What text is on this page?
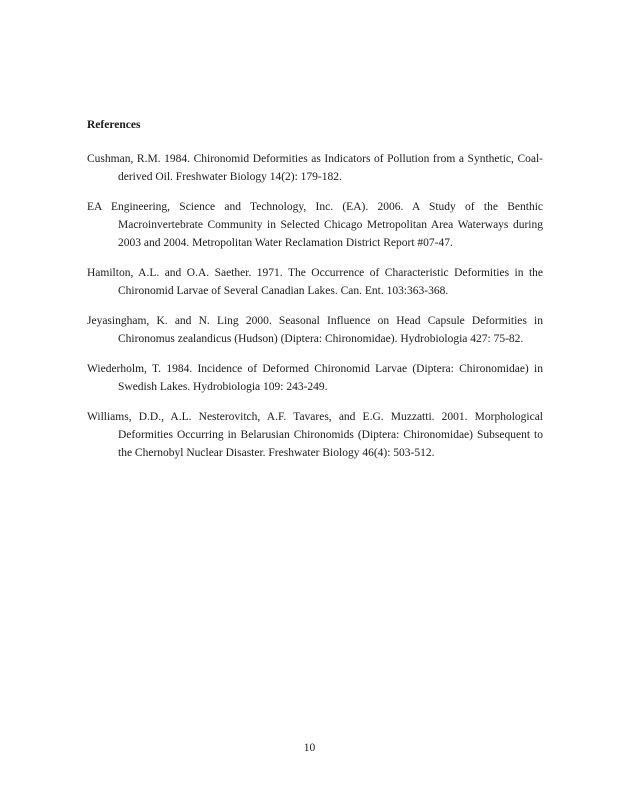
References
Cushman, R.M. 1984. Chironomid Deformities as Indicators of Pollution from a Synthetic, Coal-derived Oil. Freshwater Biology 14(2): 179-182.
EA Engineering, Science and Technology, Inc. (EA). 2006. A Study of the Benthic Macroinvertebrate Community in Selected Chicago Metropolitan Area Waterways during 2003 and 2004. Metropolitan Water Reclamation District Report #07-47.
Hamilton, A.L. and O.A. Saether. 1971. The Occurrence of Characteristic Deformities in the Chironomid Larvae of Several Canadian Lakes. Can. Ent. 103:363-368.
Jeyasingham, K. and N. Ling 2000. Seasonal Influence on Head Capsule Deformities in Chironomus zealandicus (Hudson) (Diptera: Chironomidae). Hydrobiologia 427: 75-82.
Wiederholm, T. 1984. Incidence of Deformed Chironomid Larvae (Diptera: Chironomidae) in Swedish Lakes. Hydrobiologia 109: 243-249.
Williams, D.D., A.L. Nesterovitch, A.F. Tavares, and E.G. Muzzatti. 2001. Morphological Deformities Occurring in Belarusian Chironomids (Diptera: Chironomidae) Subsequent to the Chernobyl Nuclear Disaster. Freshwater Biology 46(4): 503-512.

10
